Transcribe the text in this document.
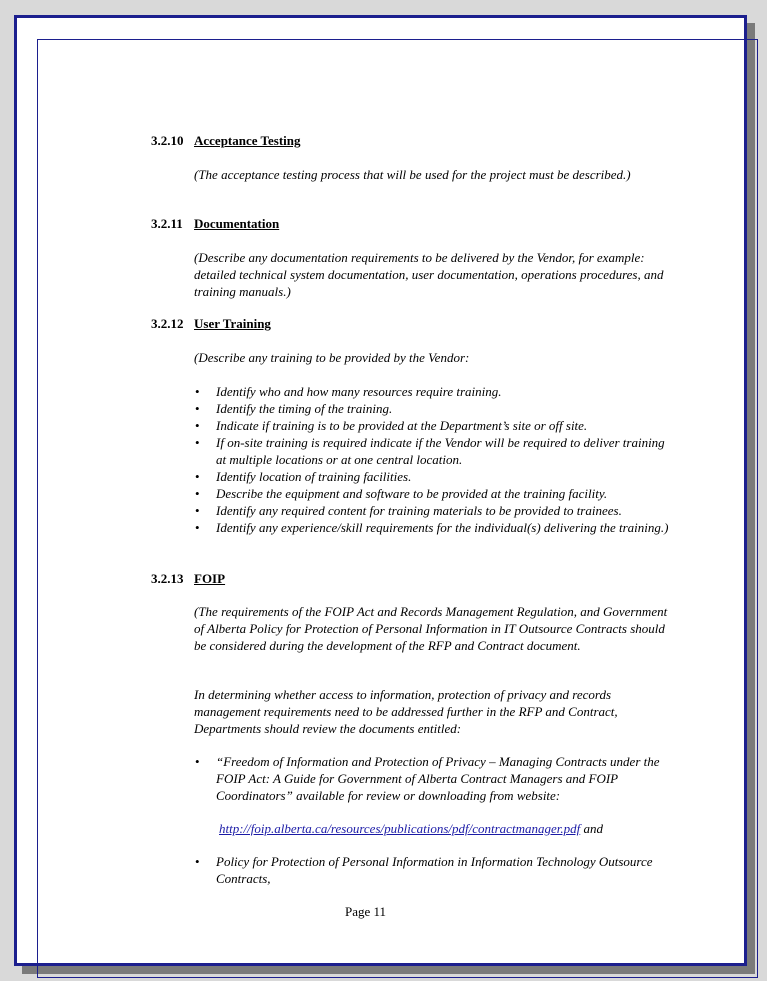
3.2.10 Acceptance Testing
(The acceptance testing process that will be used for the project must be described.)
3.2.11 Documentation
(Describe any documentation requirements to be delivered by the Vendor, for example: detailed technical system documentation, user documentation, operations procedures, and training manuals.)
3.2.12 User Training
(Describe any training to be provided by the Vendor:
• Identify who and how many resources require training.
• Identify the timing of the training.
• Indicate if training is to be provided at the Department’s site or off site.
• If on-site training is required indicate if the Vendor will be required to deliver training at multiple locations or at one central location.
• Identify location of training facilities.
• Describe the equipment and software to be provided at the training facility.
• Identify any required content for training materials to be provided to trainees.
• Identify any experience/skill requirements for the individual(s) delivering the training.)
3.2.13 FOIP
(The requirements of the FOIP Act and Records Management Regulation, and Government of Alberta Policy for Protection of Personal Information in IT Outsource Contracts should be considered during the development of the RFP and Contract document.
In determining whether access to information, protection of privacy and records management requirements need to be addressed further in the RFP and Contract, Departments should review the documents entitled:
• “Freedom of Information and Protection of Privacy – Managing Contracts under the FOIP Act: A Guide for Government of Alberta Contract Managers and FOIP Coordinators” available for review or downloading from website:
http://foip.alberta.ca/resources/publications/pdf/contractmanager.pdf and
• Policy for Protection of Personal Information in Information Technology Outsource Contracts,
Page 11
